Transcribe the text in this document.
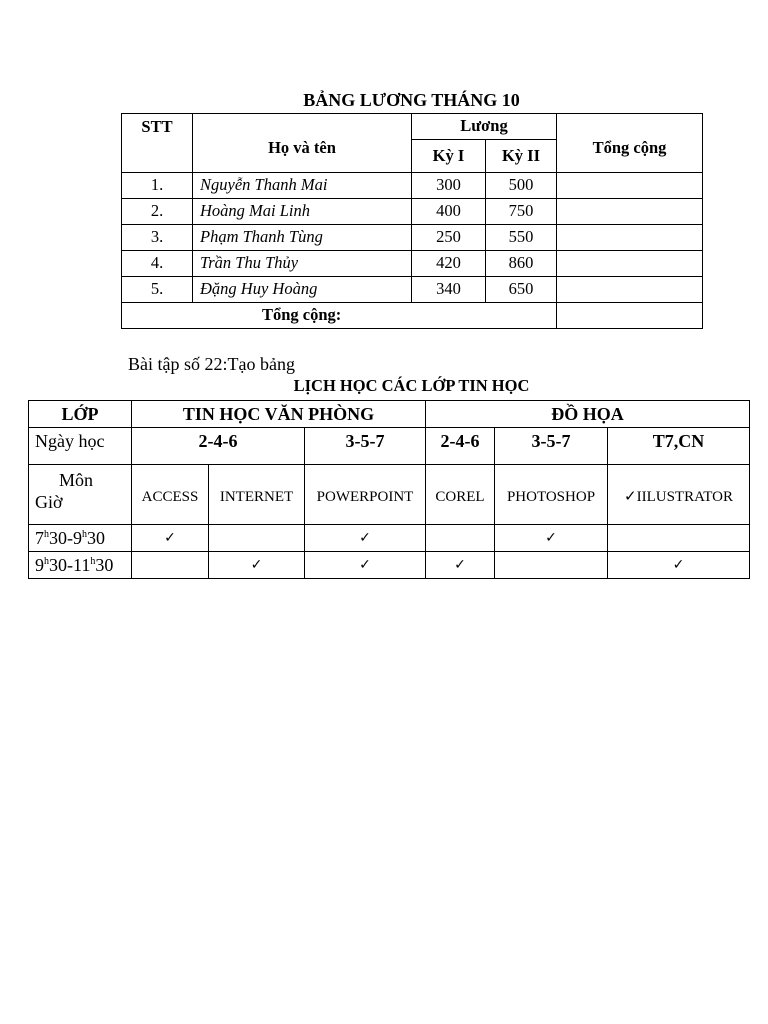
BẢNG LƯƠNG THÁNG 10
STT	Họ và tên	Lương		Tổng cộng
		Kỳ I	Kỳ II	
1.	Nguyễn Thanh Mai	300	500	
2.	Hoàng Mai Linh	400	750	
3.	Phạm Thanh Tùng	250	550	
4.	Trần Thu Thủy	420	860	
5.	Đặng Huy Hoàng	340	650	
Tổng cộng:				
Bài tập số 22:Tạo bảng
LỊCH HỌC CÁC LỚP TIN HỌC
LỚP	TIN HỌC VĂN PHÒNG			ĐỒ HỌA		
Ngày học	2-4-6		3-5-7	2-4-6	3-5-7	T7,CN

Môn
Giờ	ACCESS	INTERNET	POWERPOINT	COREL	PHOTOSHOP	✓IILUSTRATOR
7$^h$30-9$^h$30	✓		✓		✓	
9$^h$30-11$^h$30		✓	✓	✓		✓
